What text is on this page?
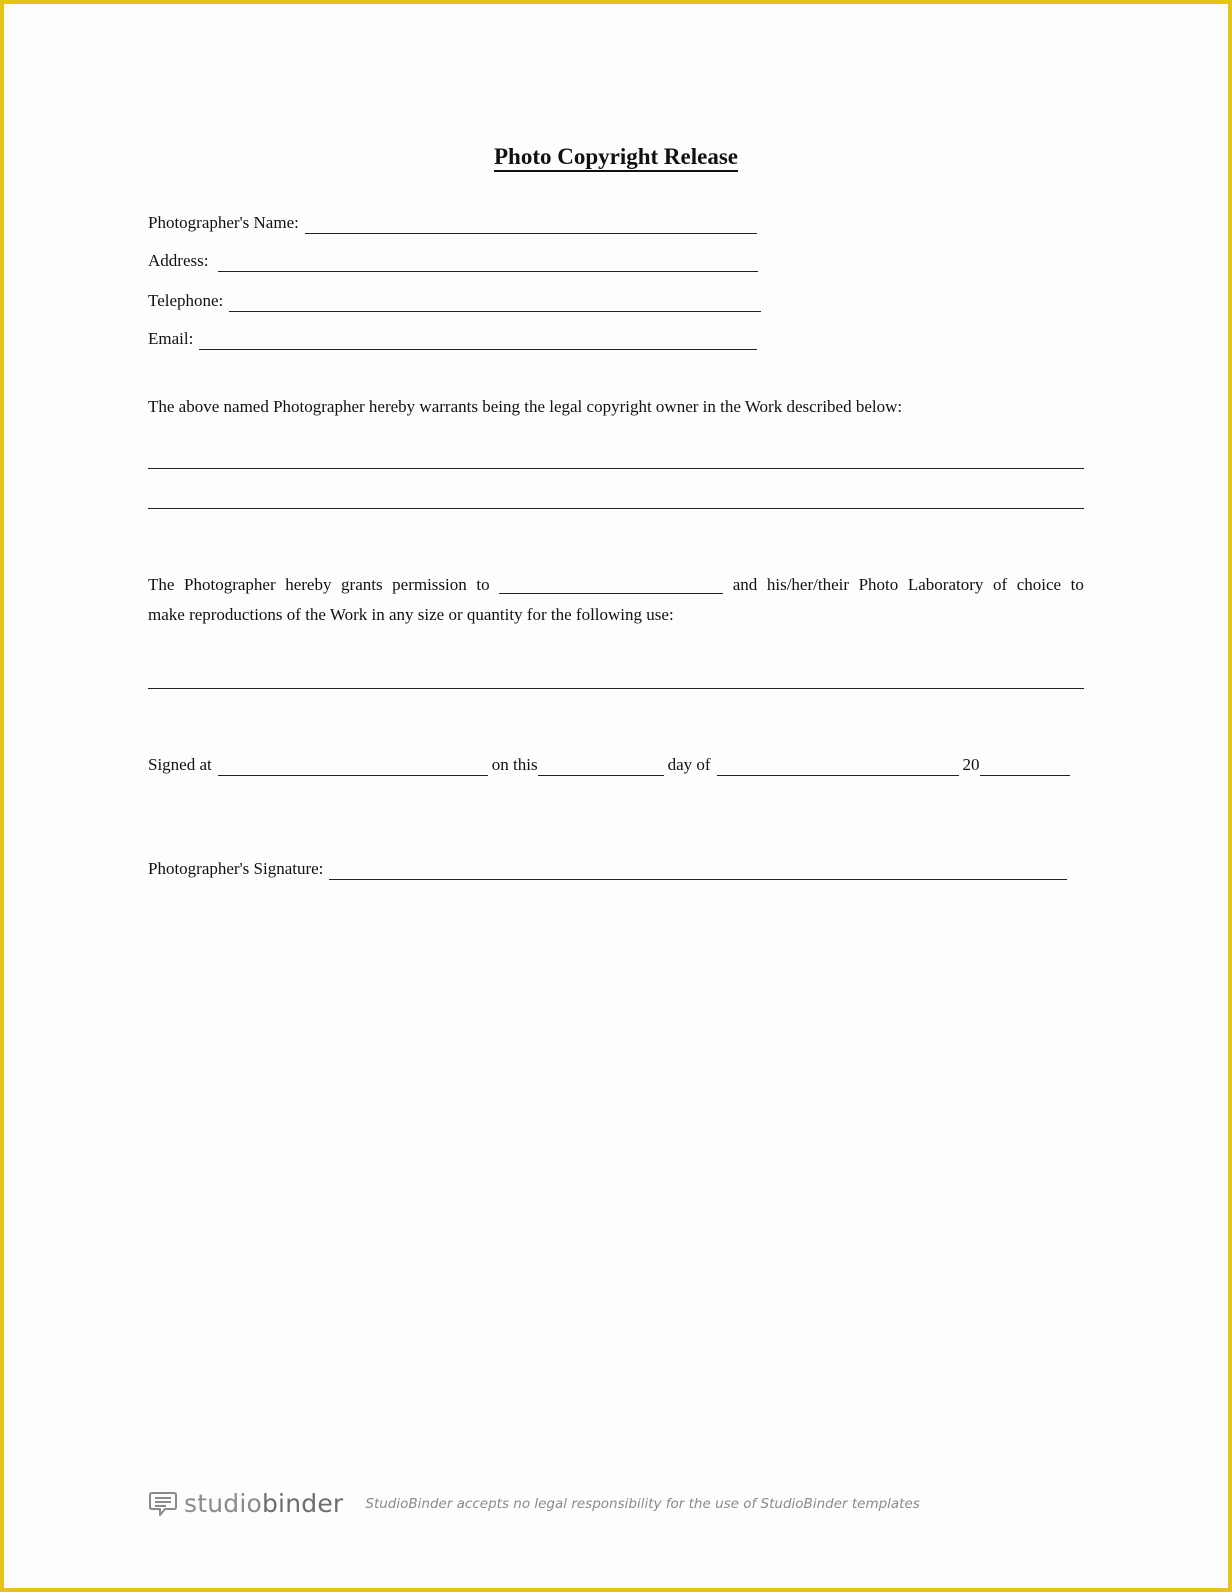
Photo Copyright Release
Photographer's Name:
Address:
Telephone:
Email:
The above named Photographer hereby warrants being the legal copyright owner in the Work described below:
The Photographer hereby grants permission to	and his/her/their Photo Laboratory of choice to
make reproductions of the Work in any size or quantity for the following use:
Signed at	on this	day of	20
Photographer's Signature:
studiobinder StudioBinder accepts no legal responsibility for the use of StudioBinder templates
